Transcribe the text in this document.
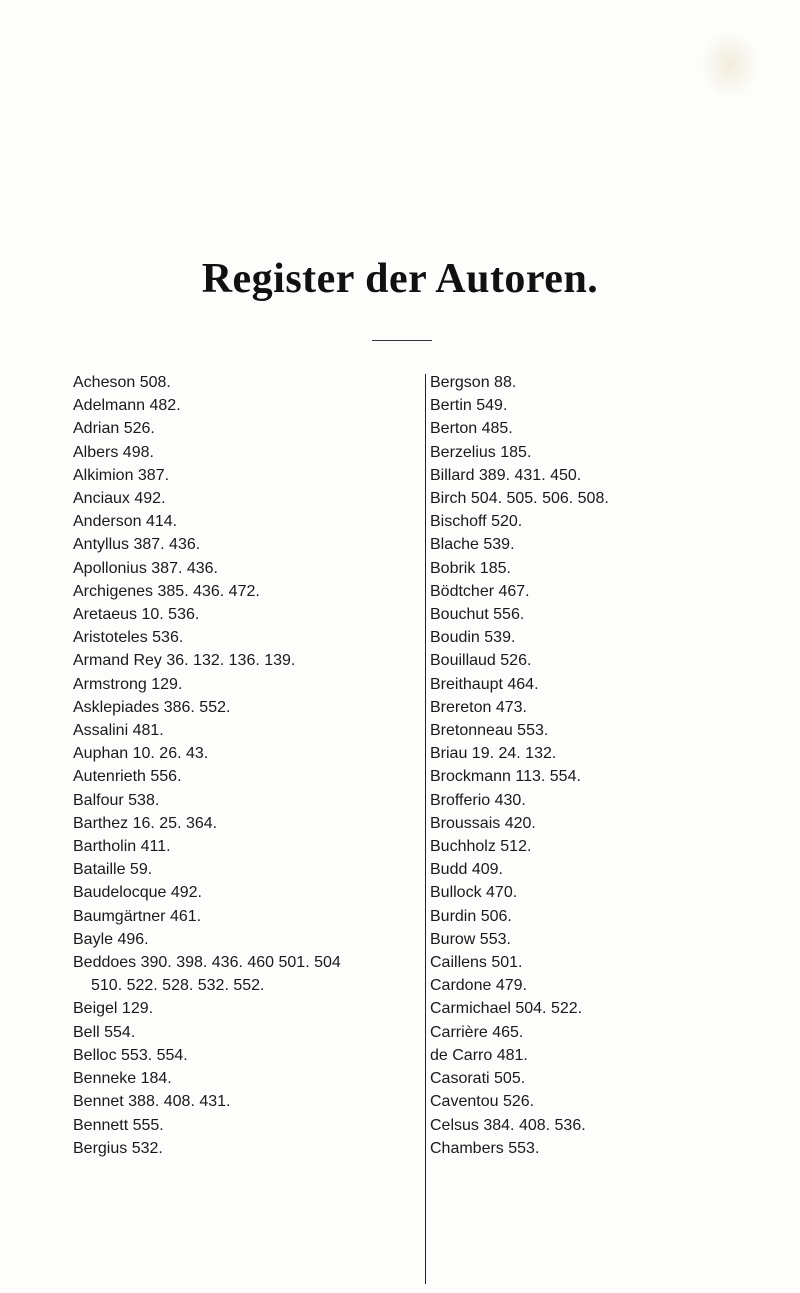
Register der Autoren.
Acheson 508.
Adelmann 482.
Adrian 526.
Albers 498.
Alkimion 387.
Anciaux 492.
Anderson 414.
Antyllus 387. 436.
Apollonius 387. 436.
Archigenes 385. 436. 472.
Aretaeus 10. 536.
Aristoteles 536.
Armand Rey 36. 132. 136. 139.
Armstrong 129.
Asklepiades 386. 552.
Assalini 481.
Auphan 10. 26. 43.
Autenrieth 556.
Balfour 538.
Barthez 16. 25. 364.
Bartholin 411.
Bataille 59.
Baudelocque 492.
Baumgärtner 461.
Bayle 496.
Beddoes 390. 398. 436. 460 501. 504
510. 522. 528. 532. 552.
Beigel 129.
Bell 554.
Belloc 553. 554.
Benneke 184.
Bennet 388. 408. 431.
Bennett 555.
Bergius 532.
Bergson 88.
Bertin 549.
Berton 485.
Berzelius 185.
Billard 389. 431. 450.
Birch 504. 505. 506. 508.
Bischoff 520.
Blache 539.
Bobrik 185.
Bödtcher 467.
Bouchut 556.
Boudin 539.
Bouillaud 526.
Breithaupt 464.
Brereton 473.
Bretonneau 553.
Briau 19. 24. 132.
Brockmann 113. 554.
Brofferio 430.
Broussais 420.
Buchholz 512.
Budd 409.
Bullock 470.
Burdin 506.
Burow 553.
Caillens 501.
Cardone 479.
Carmichael 504. 522.
Carrière 465.
de Carro 481.
Casorati 505.
Caventou 526.
Celsus 384. 408. 536.
Chambers 553.
